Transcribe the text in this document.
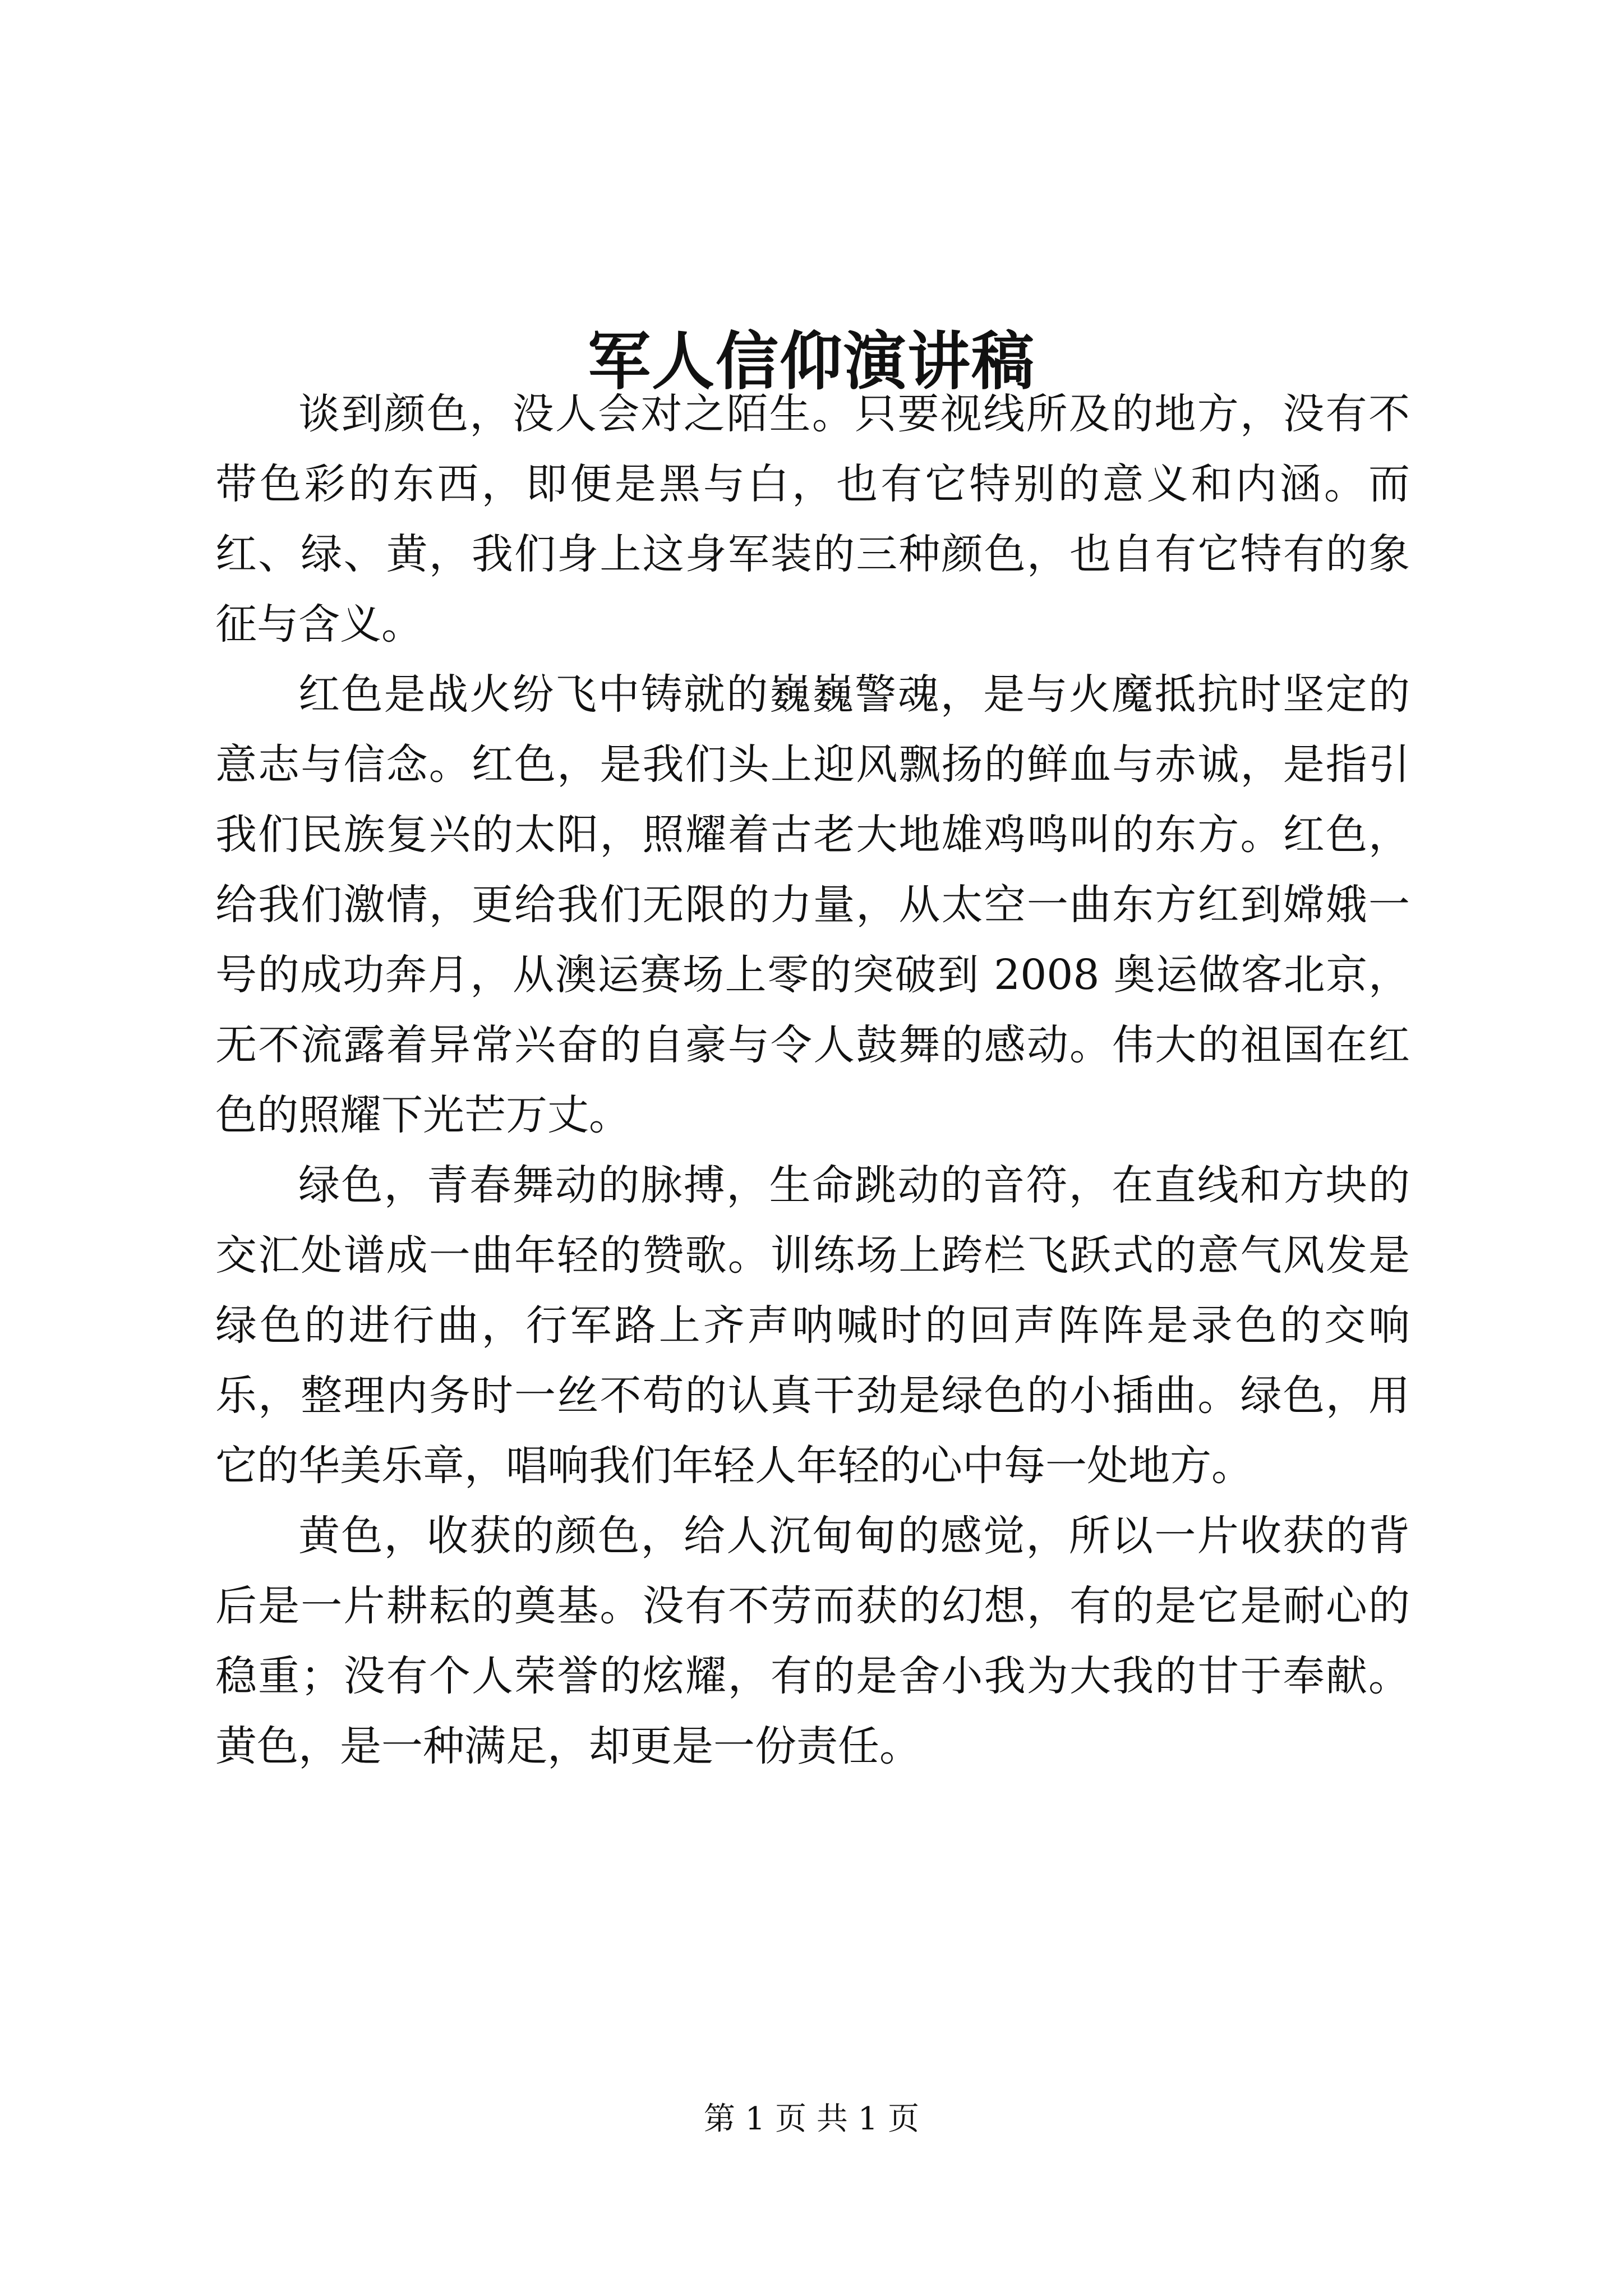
军人信仰演讲稿

谈到颜色，没人会对之陌生。只要视线所及的地方，没有不带色彩的东西，即便是黑与白，也有它特别的意义和内涵。而红、绿、黄，我们身上这身军装的三种颜色，也自有它特有的象征与含义。

红色是战火纷飞中铸就的巍巍警魂，是与火魔抵抗时坚定的意志与信念。红色，是我们头上迎风飘扬的鲜血与赤诚，是指引我们民族复兴的太阳，照耀着古老大地雄鸡鸣叫的东方。红色，给我们激情，更给我们无限的力量，从太空一曲东方红到嫦娥一号的成功奔月，从澳运赛场上零的突破到 2008 奥运做客北京，无不流露着异常兴奋的自豪与令人鼓舞的感动。伟大的祖国在红色的照耀下光芒万丈。

绿色，青春舞动的脉搏，生命跳动的音符，在直线和方块的交汇处谱成一曲年轻的赞歌。训练场上跨栏飞跃式的意气风发是绿色的进行曲，行军路上齐声呐喊时的回声阵阵是录色的交响乐，整理内务时一丝不苟的认真干劲是绿色的小插曲。绿色，用它的华美乐章，唱响我们年轻人年轻的心中每一处地方。

黄色，收获的颜色，给人沉甸甸的感觉，所以一片收获的背后是一片耕耘的奠基。没有不劳而获的幻想，有的是它是耐心的稳重；没有个人荣誉的炫耀，有的是舍小我为大我的甘于奉献。黄色，是一种满足，却更是一份责任。

第 1 页 共 1 页
